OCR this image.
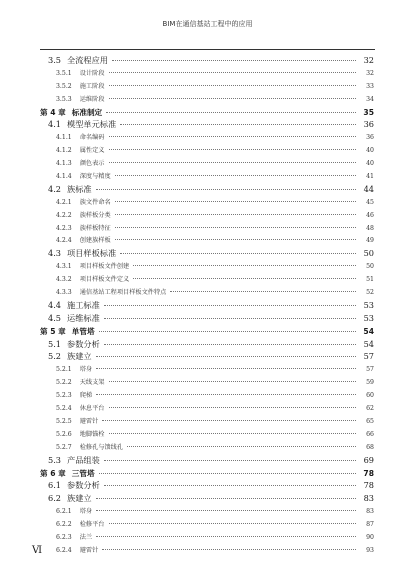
BIM在通信基站工程中的应用
3.5 全流程应用	32
3.5.1 设计阶段	32
3.5.2 施工阶段	33
3.5.3 运维阶段	34
第 4 章 标准制定	35
4.1 模型单元标准	36
4.1.1 命名编码	36
4.1.2 属性定义	40
4.1.3 颜色表示	40
4.1.4 深度与精度	41
4.2 族标准	44
4.2.1 族文件命名	45
4.2.2 族样板分类	46
4.2.3 族样板特征	48
4.2.4 创建族样板	49
4.3 项目样板标准	50
4.3.1 项目样板文件创建	50
4.3.2 项目样板文件定义	51
4.3.3 通信基站工程项目样板文件特点	52
4.4 施工标准	53
4.5 运维标准	53
第 5 章 单管塔	54
5.1 参数分析	54
5.2 族建立	57
5.2.1 塔身	57
5.2.2 天线支架	59
5.2.3 爬梯	60
5.2.4 休息平台	62
5.2.5 避雷针	65
5.2.6 地脚锚栓	66
5.2.7 检修孔与馈线孔	68
5.3 产品组装	69
第 6 章 三管塔	78
6.1 参数分析	78
6.2 族建立	83
6.2.1 塔身	83
6.2.2 检修平台	87
6.2.3 法兰	90
6.2.4 避雷针	93
Ⅵ
